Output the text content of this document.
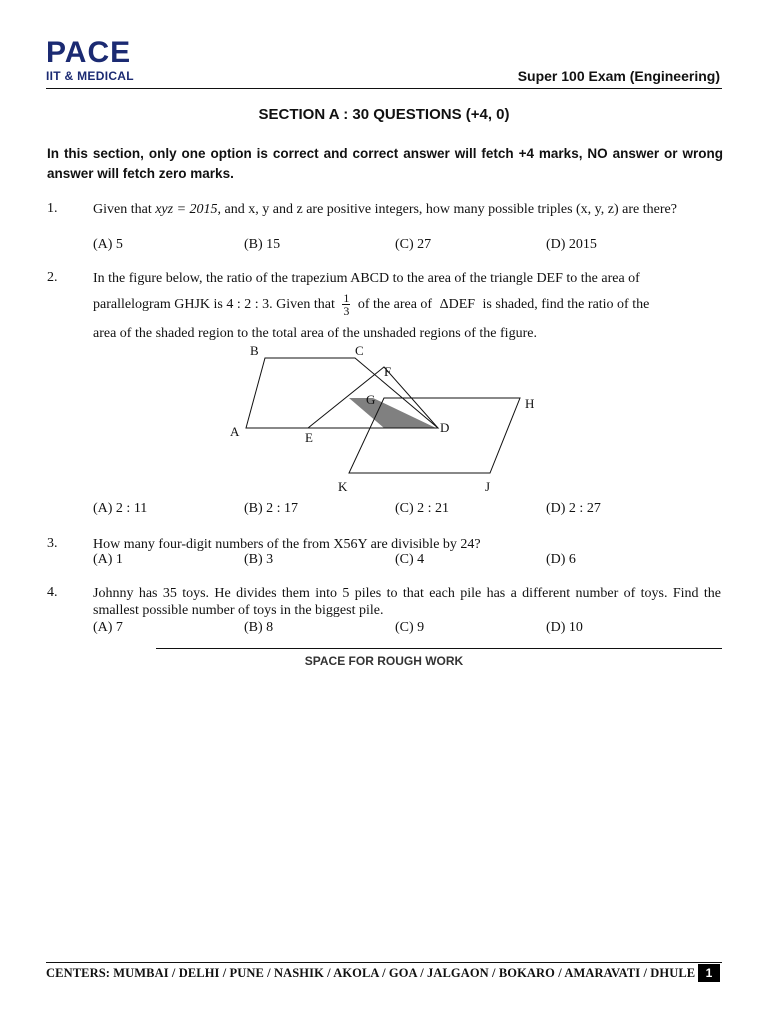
PACE
IIT & MEDICAL	Super 100 Exam (Engineering)
SECTION A : 30 QUESTIONS (+4, 0)
In this section, only one option is correct and correct answer will fetch +4 marks, NO answer or wrong answer will fetch zero marks.
1.	Given that xyz = 2015, and x, y and z are positive integers, how many possible triples (x, y, z) are there?
(A) 5	(B) 15	(C) 27	(D) 2015
2.	In the figure below, the ratio of the trapezium ABCD to the area of the triangle DEF to the area of
parallelogram GHJK is 4 : 2 : 3. Given that $\frac{1}{3}$ of the area of ΔDEF is shaded, find the ratio of the
area of the shaded region to the total area of the unshaded regions of the figure.
B	C
F
G	H
A	E
D
K	J
(A) 2 : 11	(B) 2 : 17	(C) 2 : 21	(D) 2 : 27
3.	How many four-digit numbers of the from X56Y are divisible by 24?
(A) 1	(B) 3	(C) 4	(D) 6
4.	Johnny has 35 toys. He divides them into 5 piles to that each pile has a different number of toys. Find the smallest possible number of toys in the biggest pile.
(A) 7	(B) 8	(C) 9	(D) 10
SPACE FOR ROUGH WORK
CENTERS: MUMBAI / DELHI / PUNE / NASHIK / AKOLA / GOA / JALGAON / BOKARO / AMARAVATI / DHULE 1
